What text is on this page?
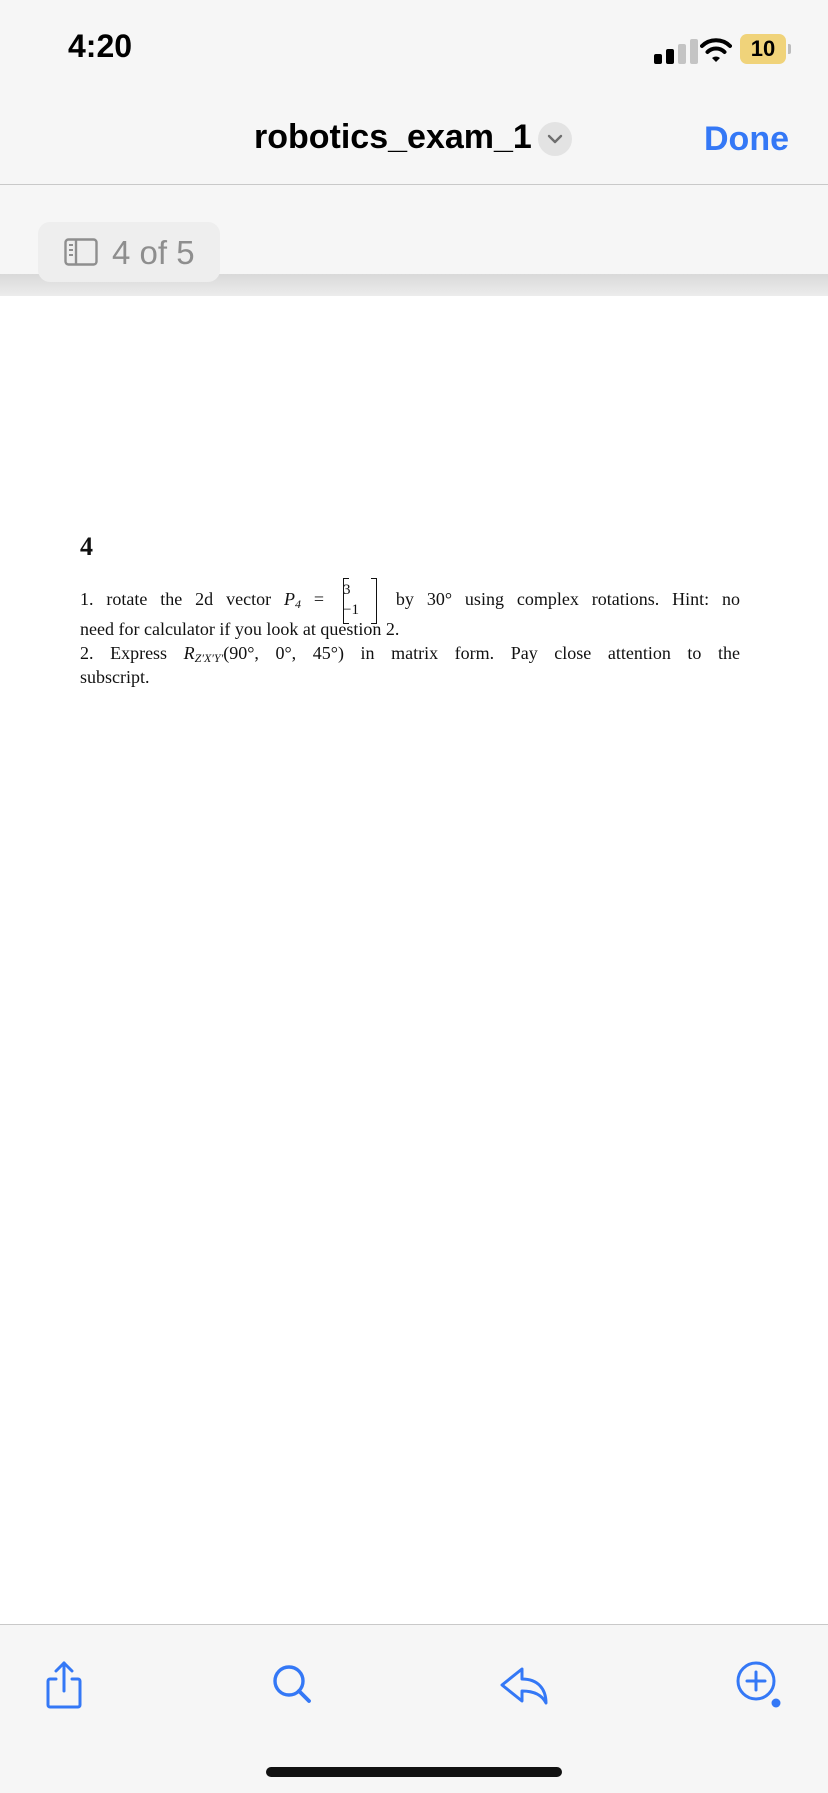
4:20	10
robotics_exam_1	Done
4 of 5
4
1. rotate the 2d vector $P_4 = 3$
−1
by 30° using complex rotations. Hint: no
need for calculator if you look at question 2.
2. Express $R_{Z'X'Y'}(90^\circ$, 0°, 45°) in matrix form. Pay close attention to the
subscript.
